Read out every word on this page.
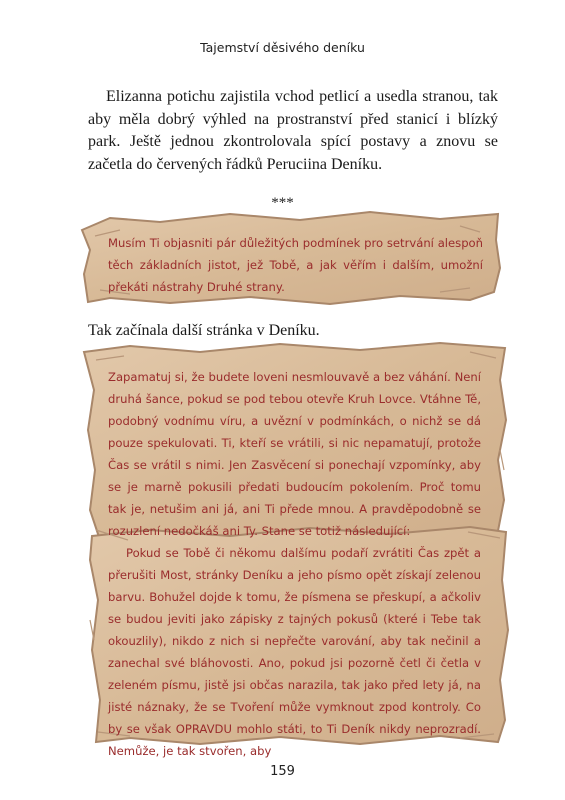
Tajemství děsivého deníku
Elizanna potichu zajistila vchod petlicí a usedla stranou, tak aby měla dobrý výhled na prostranství před stanicí i blízký park. Ještě jednou zkontrolovala spící postavy a znovu se začetla do červených řádků Peruciina Deníku.
***

Musím Ti objasniti pár důležitých podmínek pro setrvání alespoň těch základních jistot, jež Tobě, a jak věřím i dalším, umožní překáti nástrahy Druhé strany.

Tak začínala další stránka v Deníku.

Zapamatuj si, že budete loveni nesmlouvavě a bez váhání. Není druhá šance, pokud se pod tebou otevře Kruh Lovce. Vtáhne Tě, podobný vodnímu víru, a uvězní v podmínkách, o nichž se dá pouze spekulovati. Ti, kteří se vrátili, si nic nepamatují, protože Čas se vrátil s nimi. Jen Zasvěcení si ponechají vzpomínky, aby se je marně pokusili předati budoucím pokolením. Proč tomu tak je, netušim ani já, ani Ti přede mnou. A pravděpodobně se rozuzlení nedočkáš ani Ty. Stane se totiž následující:

Pokud se Tobě či někomu dalšímu podaří zvrátiti Čas zpět a přerušiti Most, stránky Deníku a jeho písmo opět získají zelenou barvu. Bohužel dojde k tomu, že písmena se přeskupí, a ačkoliv se budou jeviti jako zápisky z tajných pokusů (které i Tebe tak okouzlily), nikdo z nich si nepřečte varování, aby tak nečinil a zanechal své bláhovosti. Ano, pokud jsi pozorně četl či četla v zeleném písmu, jistě jsi občas narazila, tak jako před lety já, na jisté náznaky, že se Tvoření může vymknout zpod kontroly. Co by se však OPRAVDU mohlo státi, to Ti Deník nikdy neprozradí. Nemůže, je tak stvořen, aby

159
